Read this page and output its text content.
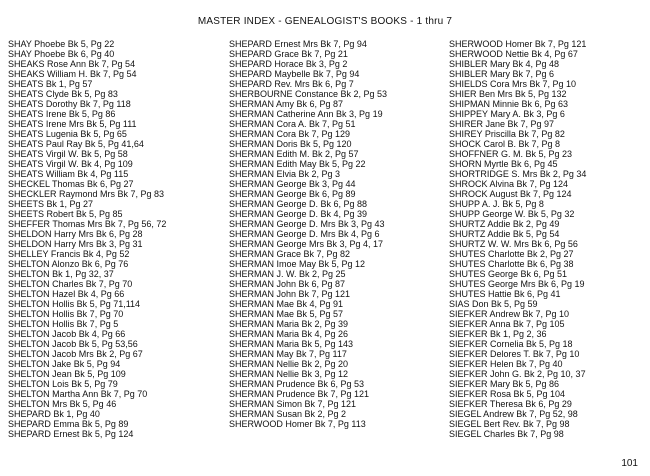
MASTER INDEX - GENEALOGIST'S BOOKS - 1 thru 7
SHAY Phoebe Bk 5, Pg 22
SHAY Phoebe Bk 6, Pg 40
SHEAKS Rose Ann Bk 7, Pg 54
SHEAKS William H. Bk 7, Pg 54
SHEATS Bk 1, Pg 57
SHEATS Clyde Bk 5, Pg 83
SHEATS Dorothy Bk 7, Pg 118
SHEATS Irene Bk 5, Pg 86
SHEATS Irene Mrs Bk 5, Pg 111
SHEATS Lugenia Bk 5, Pg 65
SHEATS Paul Ray Bk 5, Pg 41,64
SHEATS Virgil W. Bk 5, Pg 58
SHEATS Virgil W. Bk 4, Pg 109
SHEATS William Bk 4, Pg 115
SHECKEL Thomas Bk 6, Pg 27
SHECKLER Raymond Mrs Bk 7, Pg 83
SHEETS Bk 1, Pg 27
SHEETS Robert Bk 5, Pg 85
SHEFFER Thomas Mrs Bk 7, Pg 56, 72
SHELDON Harry Mrs Bk 6, Pg 28
SHELDON Harry Mrs Bk 3, Pg 31
SHELLEY Francis Bk 4, Pg 52
SHELTON Alonzo Bk 6, Pg 76
SHELTON Bk 1, Pg 32, 37
SHELTON Charles Bk 7, Pg 70
SHELTON Hazel Bk 4, Pg 66
SHELTON Hollis Bk 5, Pg 71,114
SHELTON Hollis Bk 7, Pg 70
SHELTON Hollis Bk 7, Pg 5
SHELTON Jacob Bk 4, Pg 66
SHELTON Jacob Bk 5, Pg 53,56
SHELTON Jacob Mrs Bk 2, Pg 67
SHELTON Jake Bk 5, Pg 94
SHELTON Jean Bk 5, Pg 109
SHELTON Lois Bk 5, Pg 79
SHELTON Martha Ann Bk 7, Pg 70
SHELTON Mrs Bk 5, Pg 46
SHEPARD Bk 1, Pg 40
SHEPARD Emma Bk 5, Pg 89
SHEPARD Ernest Bk 5, Pg 124
SHEPARD Ernest Mrs Bk 7, Pg 94
SHEPARD Grace Bk 7, Pg 21
SHEPARD Horace Bk 3, Pg 2
SHEPARD Maybelle Bk 7, Pg 94
SHEPARD Rev. Mrs Bk 6, Pg 7
SHERBOURNE Constance Bk 2, Pg 53
SHERMAN Amy Bk 6, Pg 87
SHERMAN Catherine Ann Bk 3, Pg 19
SHERMAN Cora A. Bk 7, Pg 51
SHERMAN Cora Bk 7, Pg 129
SHERMAN Doris Bk 5, Pg 120
SHERMAN Edith M. Bk 2, Pg 57
SHERMAN Edith May Bk 5, Pg 22
SHERMAN Elvia Bk 2, Pg 3
SHERMAN George Bk 3, Pg 44
SHERMAN George Bk 6, Pg 89
SHERMAN George D. Bk 6, Pg 88
SHERMAN George D. Bk 4, Pg 39
SHERMAN George D. Mrs Bk 3, Pg 43
SHERMAN George D. Mrs Bk 4, Pg 6
SHERMAN George Mrs Bk 3, Pg 4, 17
SHERMAN Grace Bk 7, Pg 82
SHERMAN Imoe May Bk 5, Pg 12
SHERMAN J. W. Bk 2, Pg 25
SHERMAN John Bk 6, Pg 87
SHERMAN John Bk 7, Pg 121
SHERMAN Mae Bk 4, Pg 91
SHERMAN Mae Bk 5, Pg 57
SHERMAN Maria Bk 2, Pg 39
SHERMAN Maria Bk 4, Pg 26
SHERMAN Maria Bk 5, Pg 143
SHERMAN May Bk 7, Pg 117
SHERMAN Nellie Bk 2, Pg 20
SHERMAN Nellie Bk 3, Pg 12
SHERMAN Prudence Bk 6, Pg 53
SHERMAN Prudence Bk 7, Pg 121
SHERMAN Simon Bk 7, Pg 121
SHERMAN Susan Bk 2, Pg 2
SHERWOOD Homer Bk 7, Pg 113
SHERWOOD Homer Bk 7, Pg 121
SHERWOOD Nettie Bk 4, Pg 67
SHIBLER Mary Bk 4, Pg 48
SHIBLER Mary Bk 7, Pg 6
SHIELDS Cora Mrs Bk 7, Pg 10
SHIER Ben Mrs Bk 5, Pg 132
SHIPMAN Minnie Bk 6, Pg 63
SHIPPEY Mary A. Bk 3, Pg 6
SHIRER Jane Bk 7, Pg 97
SHIREY Priscilla Bk 7, Pg 82
SHOCK Carol B. Bk 7, Pg 8
SHOFFNER G. M. Bk 5, Pg 23
SHORN Myrtle Bk 6, Pg 45
SHORTRIDGE S. Mrs Bk 2, Pg 34
SHROCK Alvina Bk 7, Pg 124
SHROCK August Bk 7, Pg 124
SHUPP A. J. Bk 5, Pg 8
SHUPP George W. Bk 5, Pg 32
SHURTZ Addie Bk 2, Pg 49
SHURTZ Addie Bk 5, Pg 54
SHURTZ W. W. Mrs Bk 6, Pg 56
SHUTES Charlotte Bk 2, Pg 27
SHUTES Charlotte Bk 6, Pg 38
SHUTES George Bk 6, Pg 51
SHUTES George Mrs Bk 6, Pg 19
SHUTES Hattie Bk 6, Pg 41
SIAS Don Bk 5, Pg 59
SIEFKER Andrew Bk 7, Pg 10
SIEFKER Anna Bk 7, Pg 105
SIEFKER Bk 1, Pg 2, 36
SIEFKER Cornelia Bk 5, Pg 18
SIEFKER Delores T. Bk 7, Pg 10
SIEFKER Helen Bk 7, Pg 40
SIEFKER John G. Bk 2, Pg 10, 37
SIEFKER Mary Bk 5, Pg 86
SIEFKER Rosa Bk 5, Pg 104
SIEFKER Theresa Bk 6, Pg 29
SIEGEL Andrew Bk 7, Pg 52, 98
SIEGEL Bert Rev. Bk 7, Pg 98
SIEGEL Charles Bk 7, Pg 98
101
